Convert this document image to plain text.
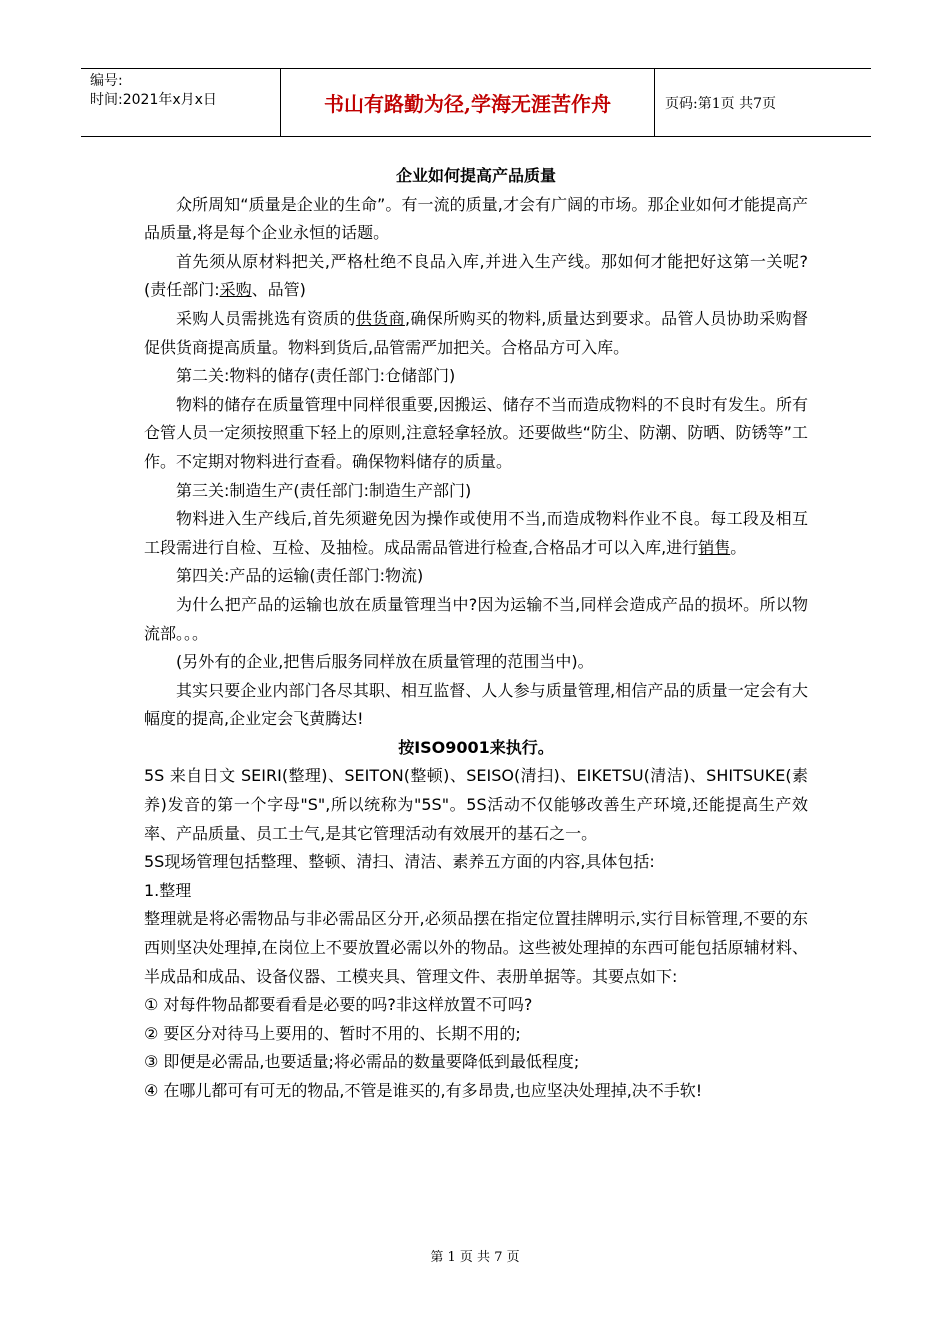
编号:
时间:2021年x月x日	书山有路勤为径,学海无涯苦作舟	页码:第1页 共7页

企业如何提高产品质量

众所周知“质量是企业的生命”。有一流的质量,才会有广阔的市场。那企业如何才能提高产品质量,将是每个企业永恒的话题。

首先须从原材料把关,严格杜绝不良品入库,并进入生产线。那如何才能把好这第一关呢?(责任部门:采购、品管)

采购人员需挑选有资质的供货商,确保所购买的物料,质量达到要求。品管人员协助采购督促供货商提高质量。物料到货后,品管需严加把关。合格品方可入库。

第二关:物料的储存(责任部门:仓储部门)

物料的储存在质量管理中同样很重要,因搬运、储存不当而造成物料的不良时有发生。所有仓管人员一定须按照重下轻上的原则,注意轻拿轻放。还要做些“防尘、防潮、防晒、防锈等”工作。不定期对物料进行查看。确保物料储存的质量。

第三关:制造生产(责任部门:制造生产部门)

物料进入生产线后,首先须避免因为操作或使用不当,而造成物料作业不良。每工段及相互工段需进行自检、互检、及抽检。成品需品管进行检查,合格品才可以入库,进行销售。

第四关:产品的运输(责任部门:物流)

为什么把产品的运输也放在质量管理当中?因为运输不当,同样会造成产品的损坏。所以物流部。。。

(另外有的企业,把售后服务同样放在质量管理的范围当中)。

其实只要企业内部门各尽其职、相互监督、人人参与质量管理,相信产品的质量一定会有大幅度的提高,企业定会飞黄腾达!

按ISO9001来执行。

5S 来自日文 SEIRI(整理)、SEITON(整顿)、SEISO(清扫)、EIKETSU(清洁)、SHITSUKE(素养)发音的第一个字母"S",所以统称为"5S"。5S活动不仅能够改善生产环境,还能提高生产效率、产品质量、员工士气,是其它管理活动有效展开的基石之一。

5S现场管理包括整理、整顿、清扫、清洁、素养五方面的内容,具体包括:

1.整理

整理就是将必需物品与非必需品区分开,必须品摆在指定位置挂牌明示,实行目标管理,不要的东西则坚决处理掉,在岗位上不要放置必需以外的物品。这些被处理掉的东西可能包括原辅材料、半成品和成品、设备仪器、工模夹具、管理文件、表册单据等。其要点如下:

① 对每件物品都要看看是必要的吗?非这样放置不可吗?

② 要区分对待马上要用的、暂时不用的、长期不用的;

③ 即便是必需品,也要适量;将必需品的数量要降低到最低程度;

④ 在哪儿都可有可无的物品,不管是谁买的,有多昂贵,也应坚决处理掉,决不手软!

第 1 页 共 7 页
